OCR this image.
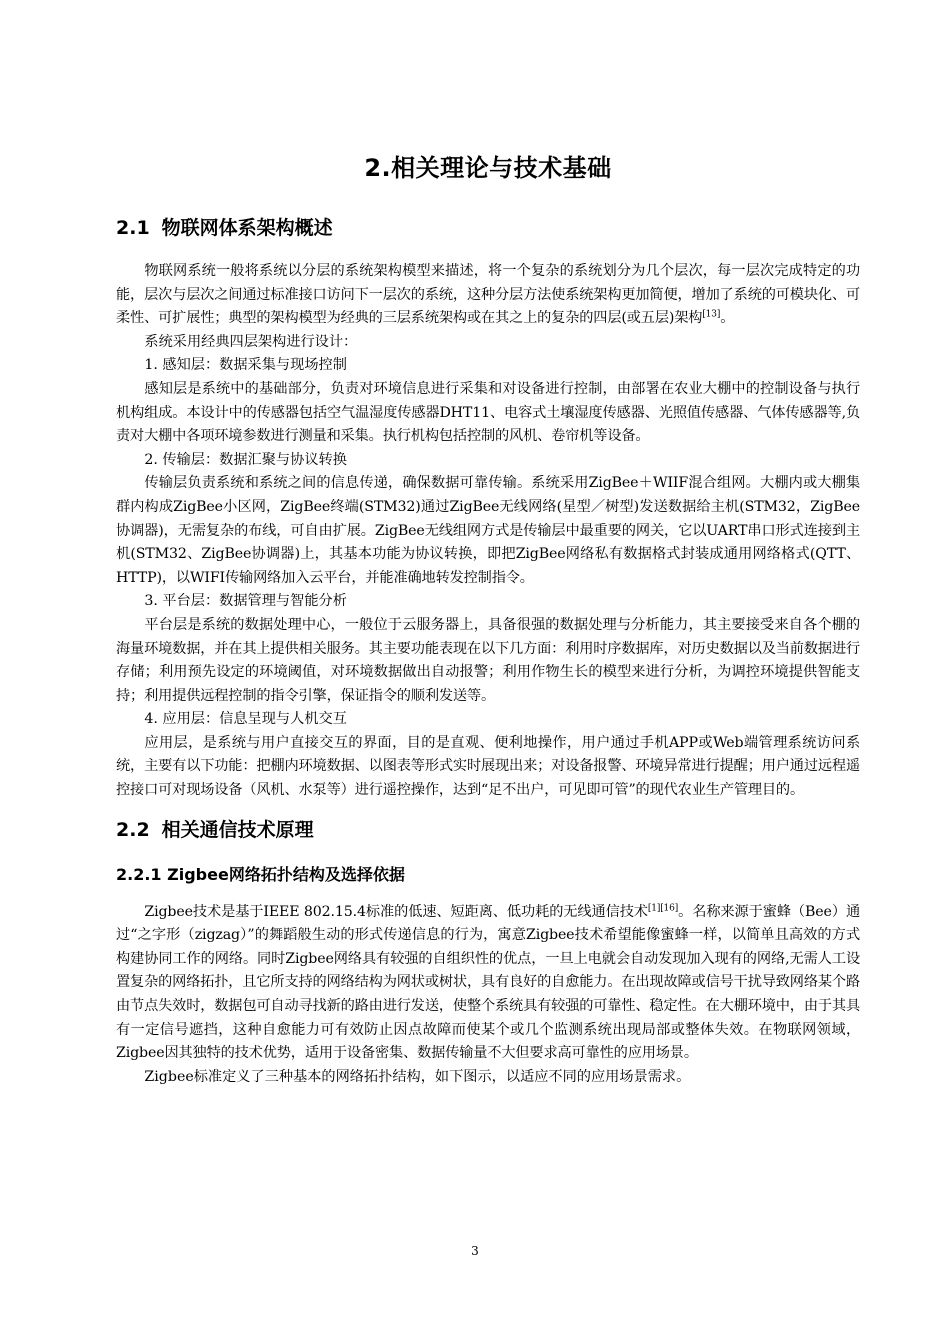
2.相关理论与技术基础
2.1 物联网体系架构概述

物联网系统一般将系统以分层的系统架构模型来描述，将一个复杂的系统划分为几个层次，每一层次完成特定的功能，层次与层次之间通过标准接口访问下一层次的系统，这种分层方法使系统架构更加简便，增加了系统的可模块化、可柔性、可扩展性；典型的架构模型为经典的三层系统架构或在其之上的复杂的四层(或五层)架构[13]。

系统采用经典四层架构进行设计：

1. 感知层：数据采集与现场控制

感知层是系统中的基础部分，负责对环境信息进行采集和对设备进行控制，由部署在农业大棚中的控制设备与执行机构组成。本设计中的传感器包括空气温湿度传感器DHT11、电容式土壤湿度传感器、光照值传感器、气体传感器等,负责对大棚中各项环境参数进行测量和采集。执行机构包括控制的风机、卷帘机等设备。

2. 传输层：数据汇聚与协议转换

传输层负责系统和系统之间的信息传递，确保数据可靠传输。系统采用ZigBee＋WIIF混合组网。大棚内或大棚集群内构成ZigBee小区网，ZigBee终端(STM32)通过ZigBee无线网络(星型／树型)发送数据给主机(STM32，ZigBee协调器)，无需复杂的布线，可自由扩展。ZigBee无线组网方式是传输层中最重要的网关，它以UART串口形式连接到主机(STM32、ZigBee协调器)上，其基本功能为协议转换，即把ZigBee网络私有数据格式封装成通用网络格式(QTT、HTTP)，以WIFI传输网络加入云平台，并能准确地转发控制指令。

3. 平台层：数据管理与智能分析

平台层是系统的数据处理中心，一般位于云服务器上，具备很强的数据处理与分析能力，其主要接受来自各个棚的海量环境数据，并在其上提供相关服务。其主要功能表现在以下几方面：利用时序数据库，对历史数据以及当前数据进行存储；利用预先设定的环境阈值，对环境数据做出自动报警；利用作物生长的模型来进行分析，为调控环境提供智能支持；利用提供远程控制的指令引擎，保证指令的顺利发送等。

4. 应用层：信息呈现与人机交互

应用层，是系统与用户直接交互的界面，目的是直观、便利地操作，用户通过手机APP或Web端管理系统访问系统，主要有以下功能：把棚内环境数据、以图表等形式实时展现出来；对设备报警、环境异常进行提醒；用户通过远程遥控接口可对现场设备（风机、水泵等）进行遥控操作，达到“足不出户，可见即可管”的现代农业生产管理目的。

2.2 相关通信技术原理
2.2.1 Zigbee网络拓扑结构及选择依据

Zigbee技术是基于IEEE 802.15.4标准的低速、短距离、低功耗的无线通信技术[1][16]。名称来源于蜜蜂（Bee）通过“之字形（zigzag）”的舞蹈般生动的形式传递信息的行为，寓意Zigbee技术希望能像蜜蜂一样，以简单且高效的方式构建协同工作的网络。同时Zigbee网络具有较强的自组织性的优点，一旦上电就会自动发现加入现有的网络,无需人工设置复杂的网络拓扑，且它所支持的网络结构为网状或树状，具有良好的自愈能力。在出现故障或信号干扰导致网络某个路由节点失效时，数据包可自动寻找新的路由进行发送，使整个系统具有较强的可靠性、稳定性。在大棚环境中，由于其具有一定信号遮挡，这种自愈能力可有效防止因点故障而使某个或几个监测系统出现局部或整体失效。在物联网领域，Zigbee因其独特的技术优势，适用于设备密集、数据传输量不大但要求高可靠性的应用场景。

Zigbee标准定义了三种基本的网络拓扑结构，如下图示，以适应不同的应用场景需求。

3
